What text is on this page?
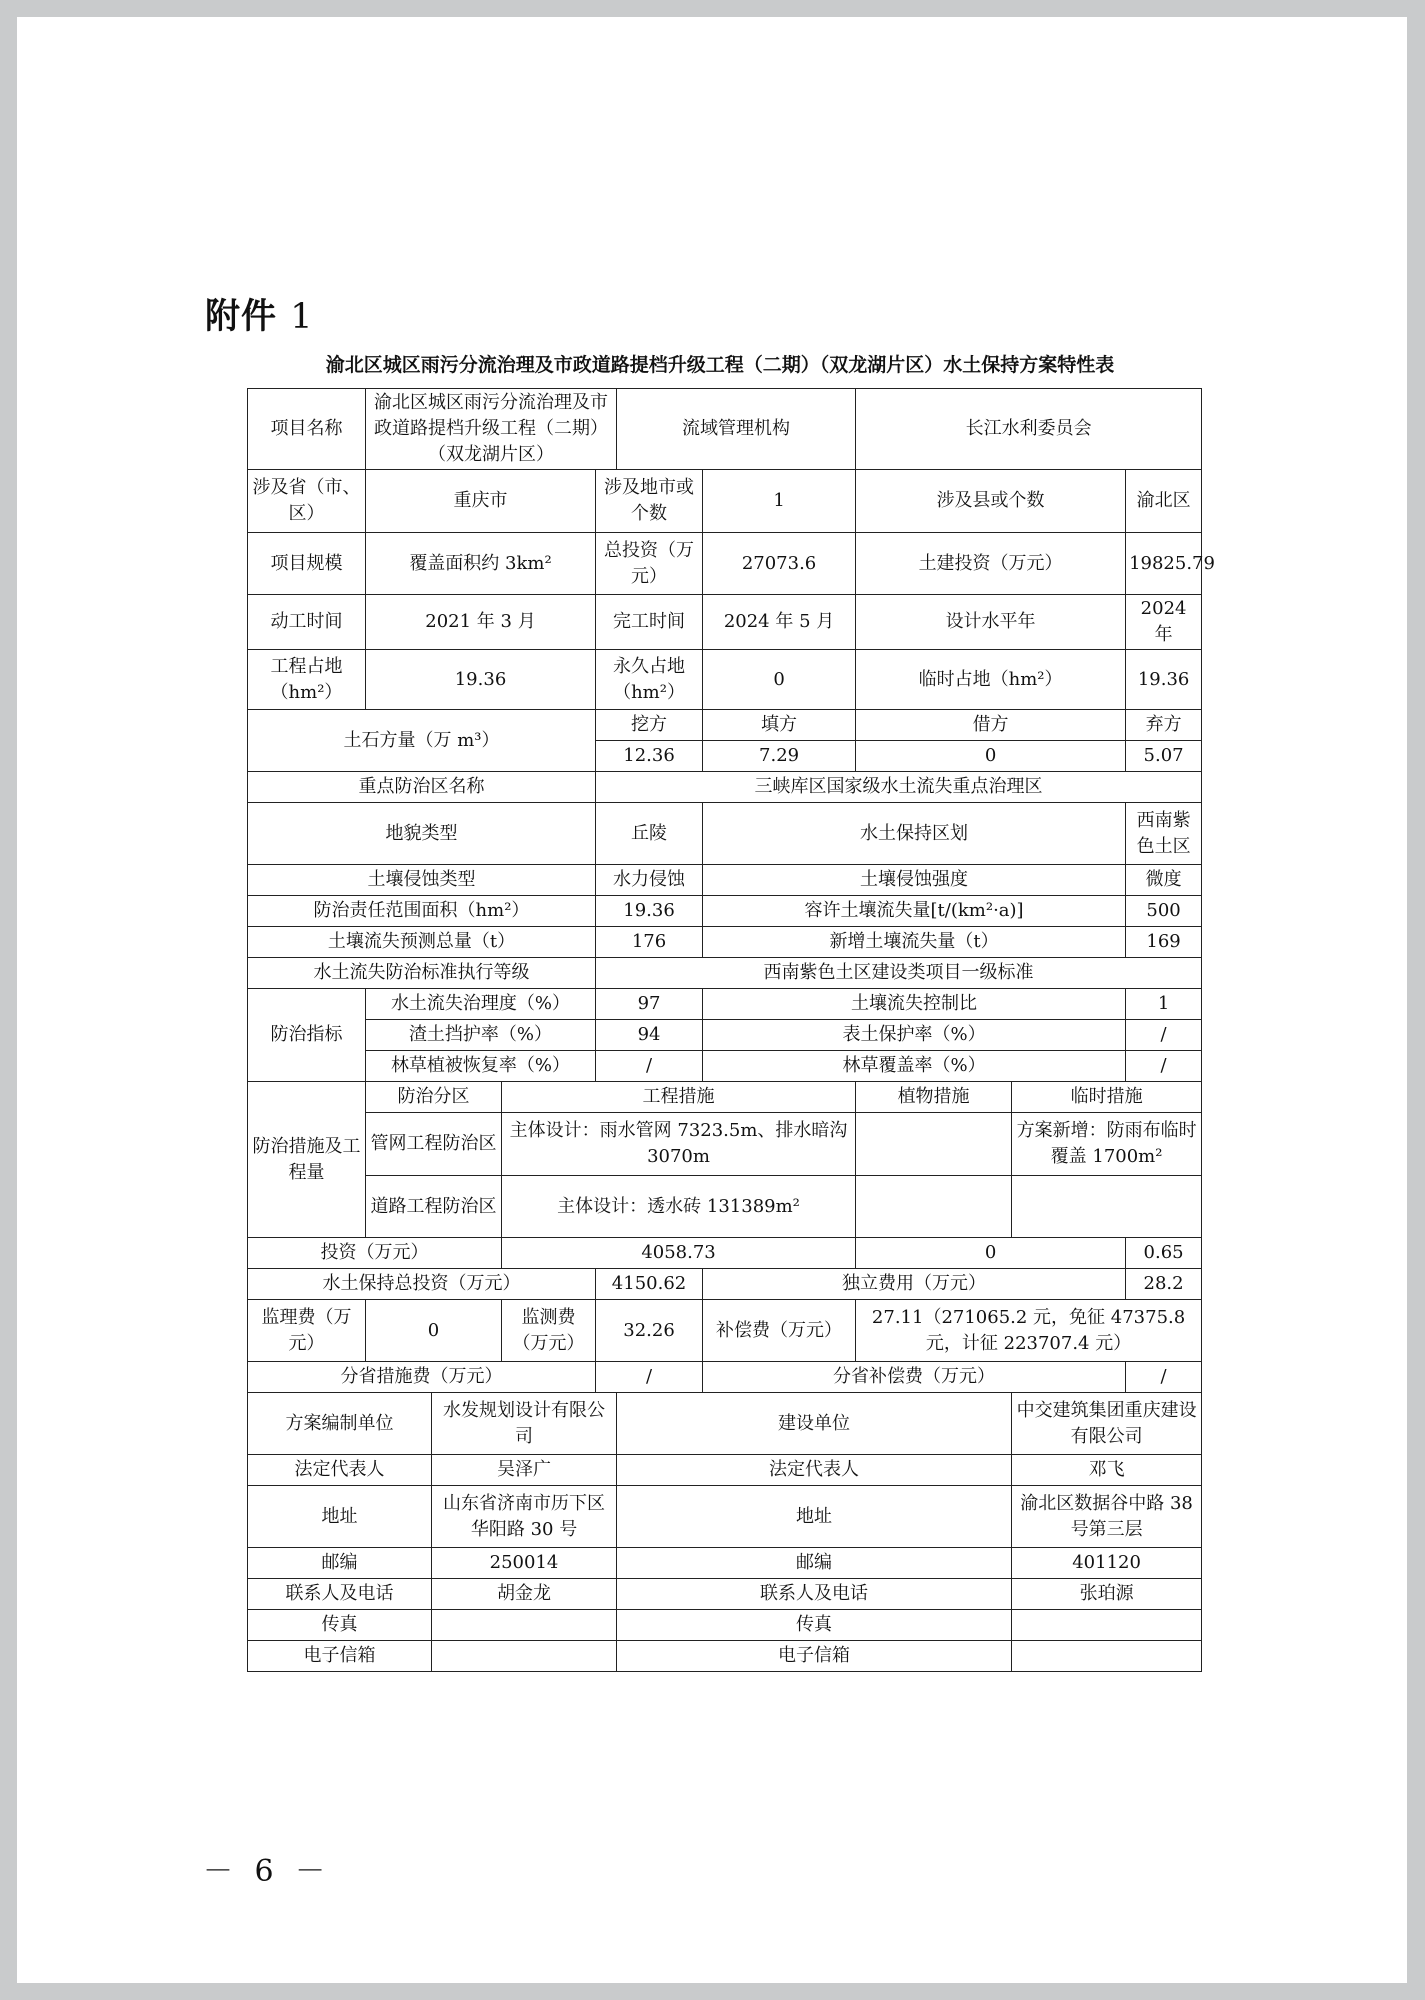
附件 1
渝北区城区雨污分流治理及市政道路提档升级工程（二期）（双龙湖片区）水土保持方案特性表
项目名称	渝北区城区雨污分流治理及市政道路提档升级工程（二期）（双龙湖片区）				流域管理机构		长江水利委员会		
涉及省（市、区）	重庆市			涉及地市或个数		1	涉及县或个数		渝北区
项目规模	覆盖面积约 3km²			总投资（万元）		27073.6	土建投资（万元）		19825.79
动工时间	2021 年 3 月			完工时间		2024 年 5 月	设计水平年		2024 年
工程占地（hm²）	19.36			永久占地（hm²）		0	临时占地（hm²）		19.36
土石方量（万 m³）				挖方		填方	借方		弃方
				12.36		7.29	0		5.07
重点防治区名称				三峡库区国家级水土流失重点治理区					
地貌类型				丘陵		水土保持区划			西南紫色土区
土壤侵蚀类型				水力侵蚀		土壤侵蚀强度			微度
防治责任范围面积（hm²）				19.36		容许土壤流失量[t/(km²·a)]			500
土壤流失预测总量（t）				176		新增土壤流失量（t）			169
水土流失防治标准执行等级				西南紫色土区建设类项目一级标准					
防治指标	水土流失治理度（%）			97		土壤流失控制比			1
	渣土挡护率（%）			94		表土保护率（%）			/
	林草植被恢复率（%）			/		林草覆盖率（%）			/
防治措施及工程量	防治分区		工程措施				植物措施	临时措施	
	管网工程防治区		主体设计：雨水管网 7323.5m、排水暗沟 3070m					方案新增：防雨布临时覆盖 1700m²	
	道路工程防治区		主体设计：透水砖 131389m²						
投资（万元）			4058.73				0		0.65
水土保持总投资（万元）				4150.62		独立费用（万元）			28.2
监理费（万元）	0		监测费（万元）	32.26		补偿费（万元）	27.11（271065.2 元，免征 47375.8 元，计征 223707.4 元）		
分省措施费（万元）				/		分省补偿费（万元）			/
方案编制单位		水发规划设计有限公司			建设单位			中交建筑集团重庆建设有限公司	
法定代表人		吴泽广			法定代表人			邓飞	
地址		山东省济南市历下区华阳路 30 号			地址			渝北区数据谷中路 38 号第三层	
邮编		250014			邮编			401120	
联系人及电话		胡金龙			联系人及电话			张珀源	
传真					传真				
电子信箱					电子信箱				
－ 6 －
